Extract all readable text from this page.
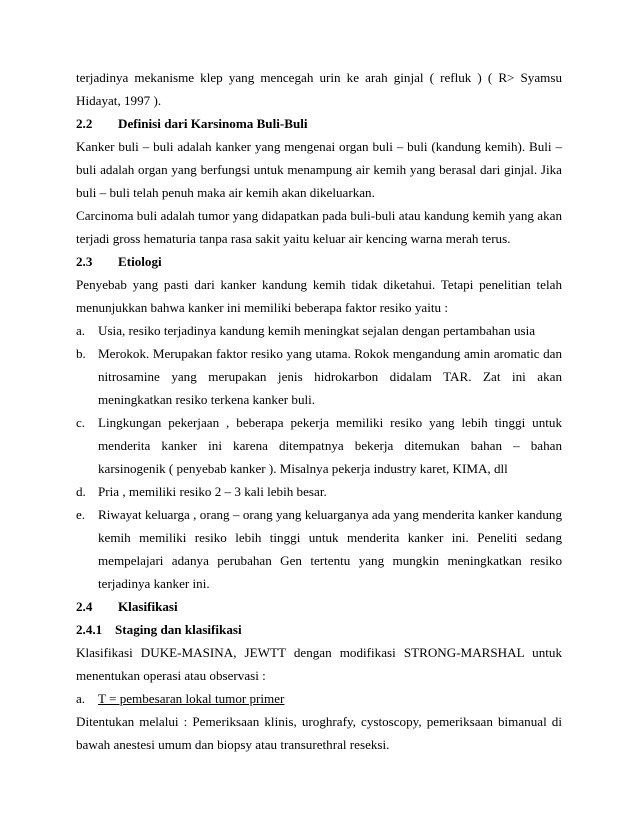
terjadinya mekanisme klep yang mencegah urin ke arah ginjal ( refluk ) ( R> Syamsu Hidayat, 1997 ).

2.2	Definisi dari Karsinoma Buli-Buli

Kanker buli – buli adalah kanker yang mengenai organ buli – buli (kandung kemih). Buli – buli adalah organ yang berfungsi untuk menampung air kemih yang berasal dari ginjal. Jika buli – buli telah penuh maka air kemih akan dikeluarkan.

Carcinoma buli adalah tumor yang didapatkan pada buli-buli atau kandung kemih yang akan terjadi gross hematuria tanpa rasa sakit yaitu keluar air kencing warna merah terus.

2.3	Etiologi

Penyebab yang pasti dari kanker kandung kemih tidak diketahui. Tetapi penelitian telah menunjukkan bahwa kanker ini memiliki beberapa faktor resiko yaitu :

a. Usia, resiko terjadinya kandung kemih meningkat sejalan dengan pertambahan usia

b. Merokok. Merupakan faktor resiko yang utama. Rokok mengandung amin aromatic dan nitrosamine yang merupakan jenis hidrokarbon didalam TAR. Zat ini akan meningkatkan resiko terkena kanker buli.

c. Lingkungan pekerjaan , beberapa pekerja memiliki resiko yang lebih tinggi untuk menderita kanker ini karena ditempatnya bekerja ditemukan bahan – bahan karsinogenik ( penyebab kanker ). Misalnya pekerja industry karet, KIMA, dll

d. Pria , memiliki resiko 2 – 3 kali lebih besar.

e. Riwayat keluarga , orang – orang yang keluarganya ada yang menderita kanker kandung kemih memiliki resiko lebih tinggi untuk menderita kanker ini. Peneliti sedang mempelajari adanya perubahan Gen tertentu yang mungkin meningkatkan resiko terjadinya kanker ini.

2.4	Klasifikasi

2.4.1 Staging dan klasifikasi

Klasifikasi DUKE-MASINA, JEWTT dengan modifikasi STRONG-MARSHAL untuk menentukan operasi atau observasi :

a. T = pembesaran lokal tumor primer

Ditentukan melalui : Pemeriksaan klinis, uroghrafy, cystoscopy, pemeriksaan bimanual di bawah anestesi umum dan biopsy atau transurethral reseksi.
